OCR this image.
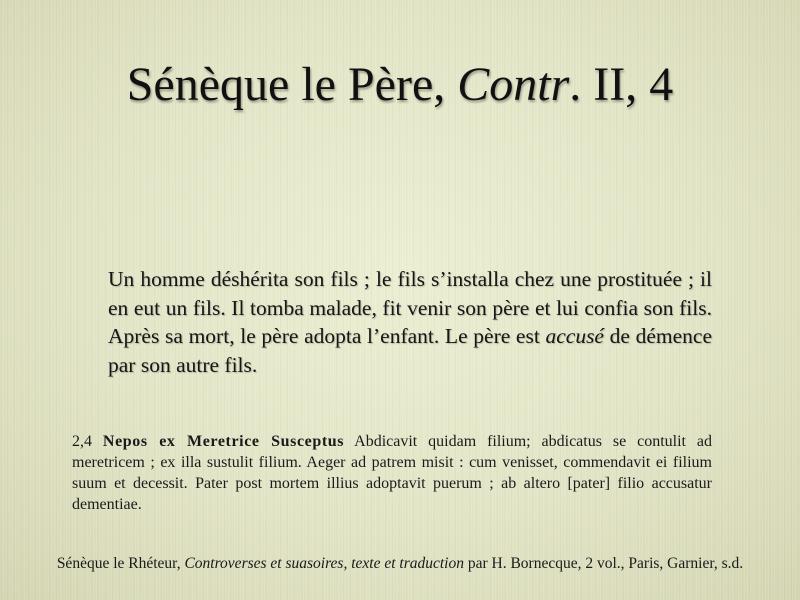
Sénèque le Père, Contr. II, 4

Un homme déshérita son fils ; le fils s’installa chez une prostituée ; il en eut un fils. Il tomba malade, fit venir son père et lui confia son fils. Après sa mort, le père adopta l’enfant. Le père est accusé de démence par son autre fils.

2,4 Nepos ex Meretrice Susceptus Abdicavit quidam filium; abdicatus se contulit ad meretricem ; ex illa sustulit filium. Aeger ad patrem misit : cum venisset, commendavit ei filium suum et decessit. Pater post mortem illius adoptavit puerum ; ab altero [pater] filio accusatur dementiae.

Sénèque le Rhéteur, Controverses et suasoires, texte et traduction par H. Bornecque, 2 vol., Paris, Garnier, s.d.
